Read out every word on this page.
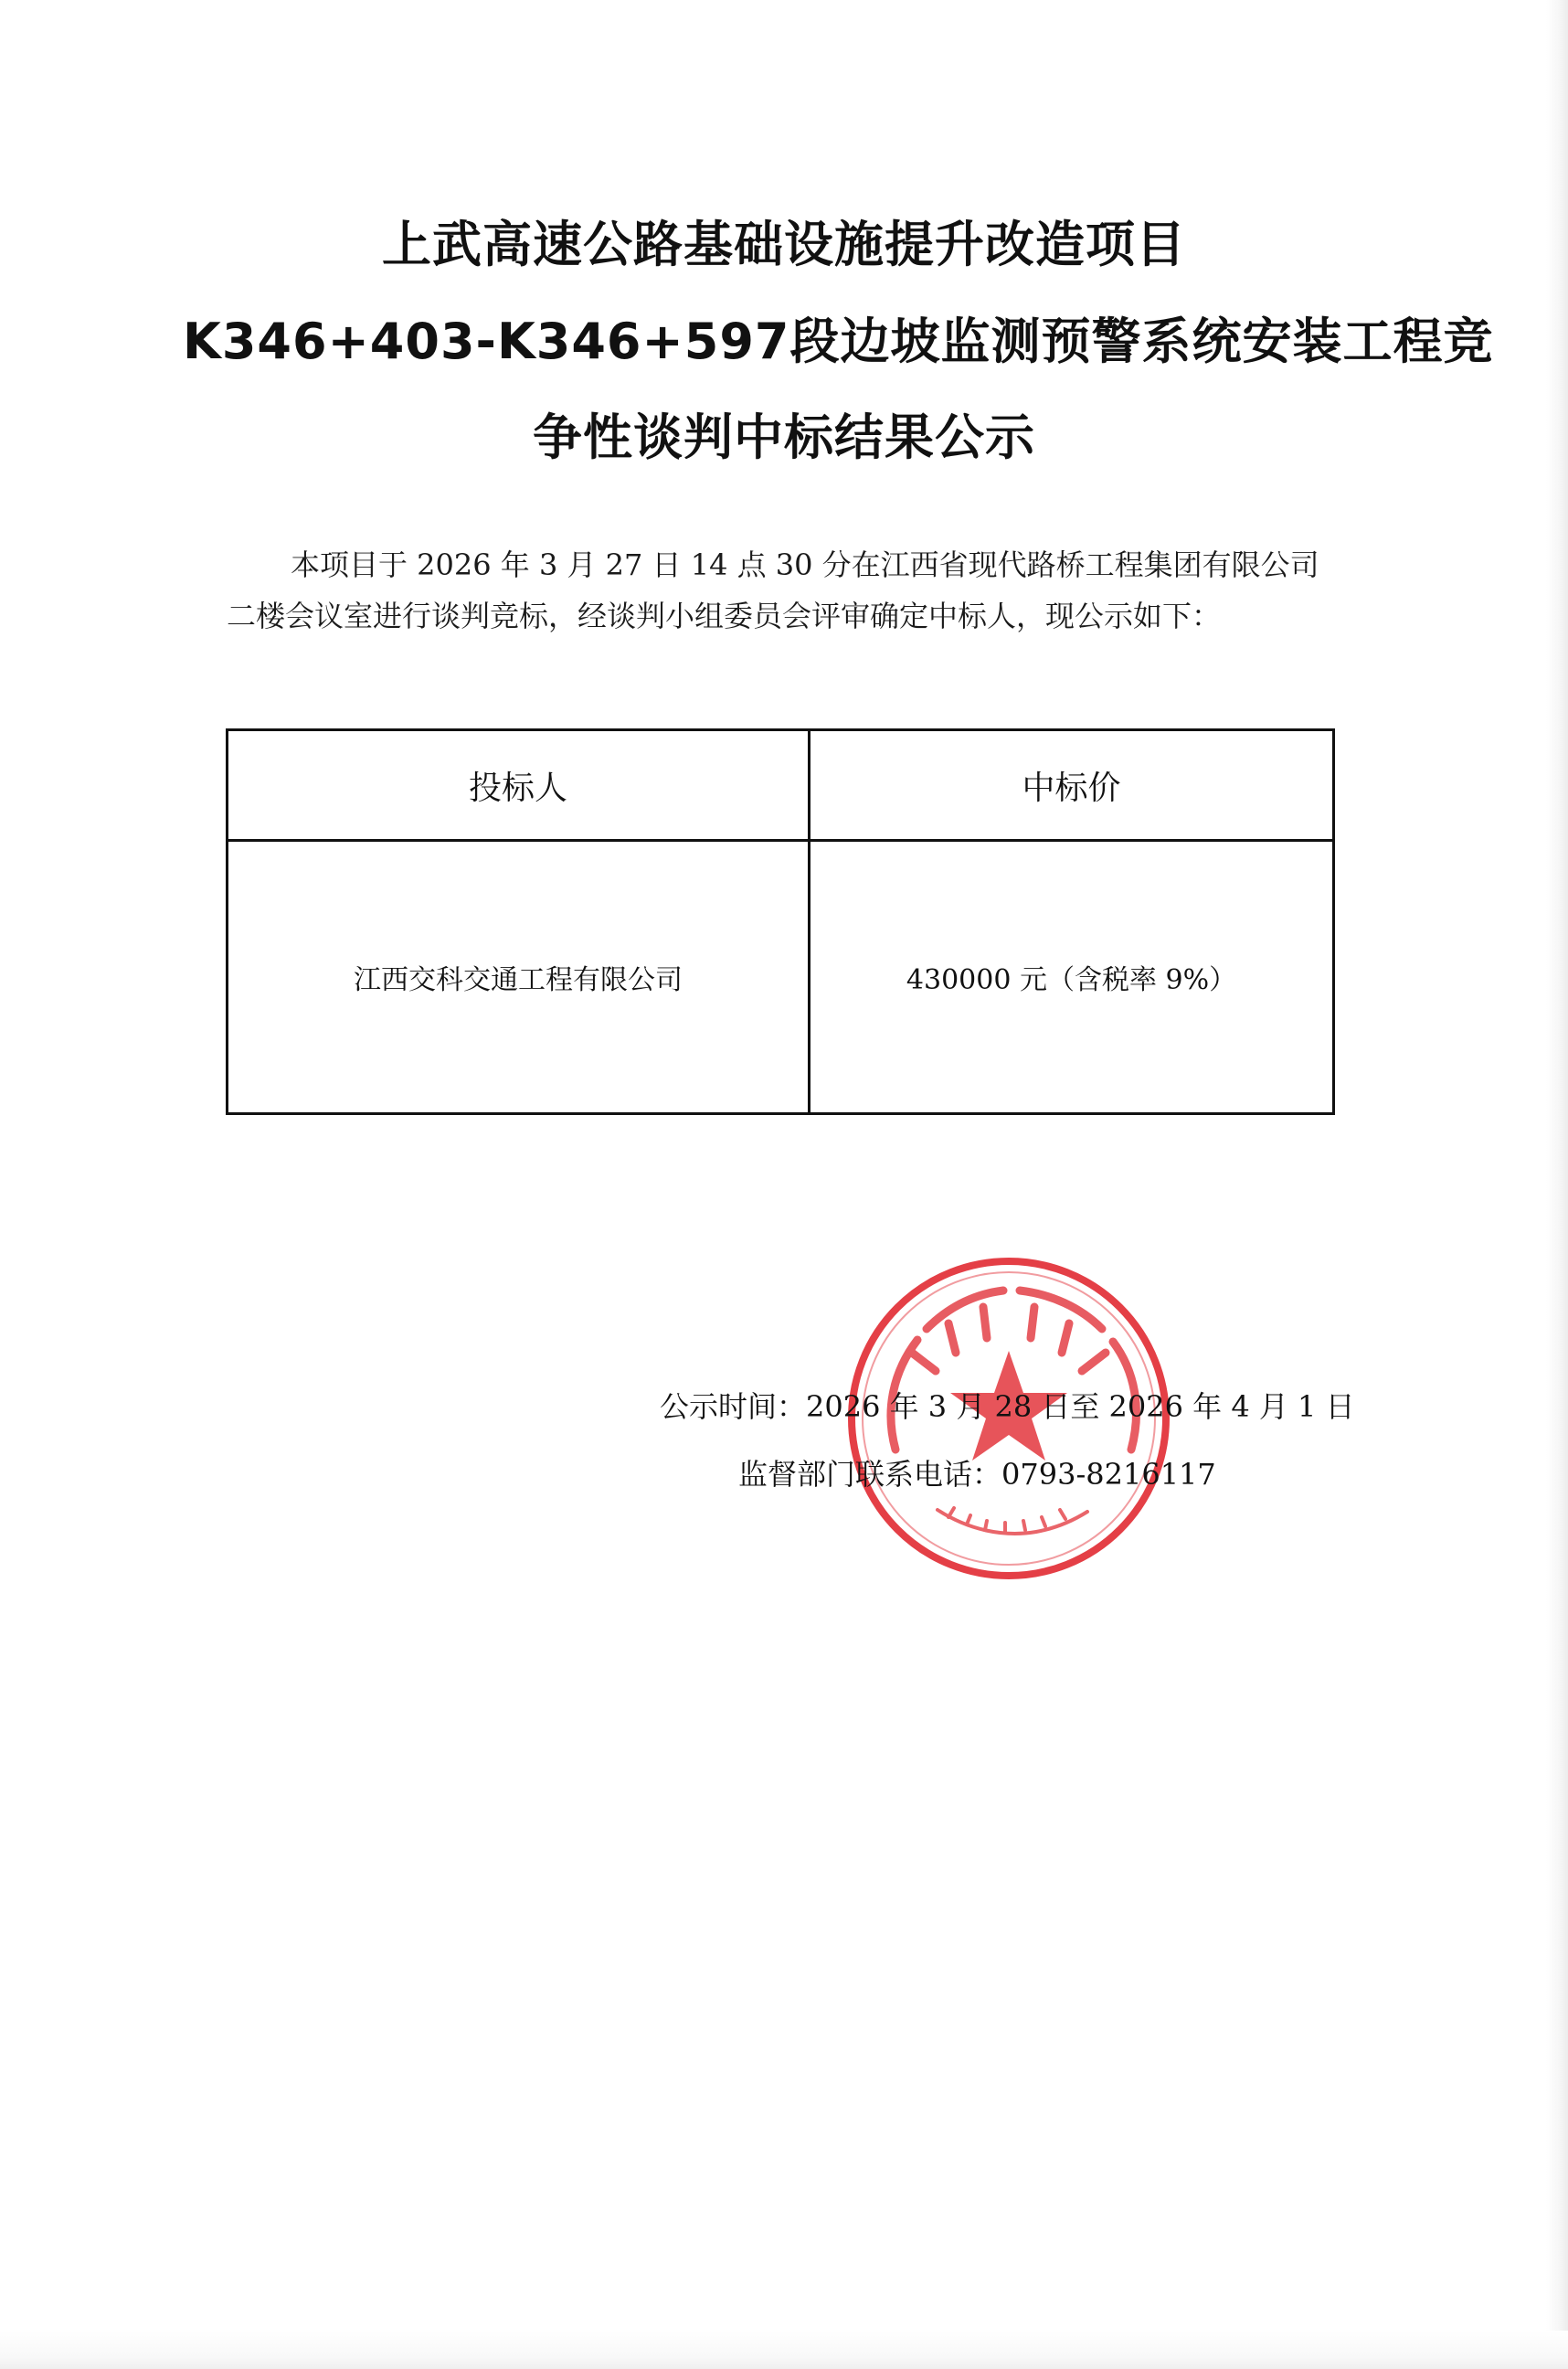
上武高速公路基础设施提升改造项目
K346+403-K346+597段边坡监测预警系统安装工程竞
争性谈判中标结果公示
本项目于 2026 年 3 月 27 日 14 点 30 分在江西省现代路桥工程集团有限公司
二楼会议室进行谈判竞标，经谈判小组委员会评审确定中标人，现公示如下：
投标人	中标价
江西交科交通工程有限公司	430000 元（含税率 9%）
公示时间：2026 年 3 月 28 日至 2026 年 4 月 1 日
监督部门联系电话：0793-8216117
